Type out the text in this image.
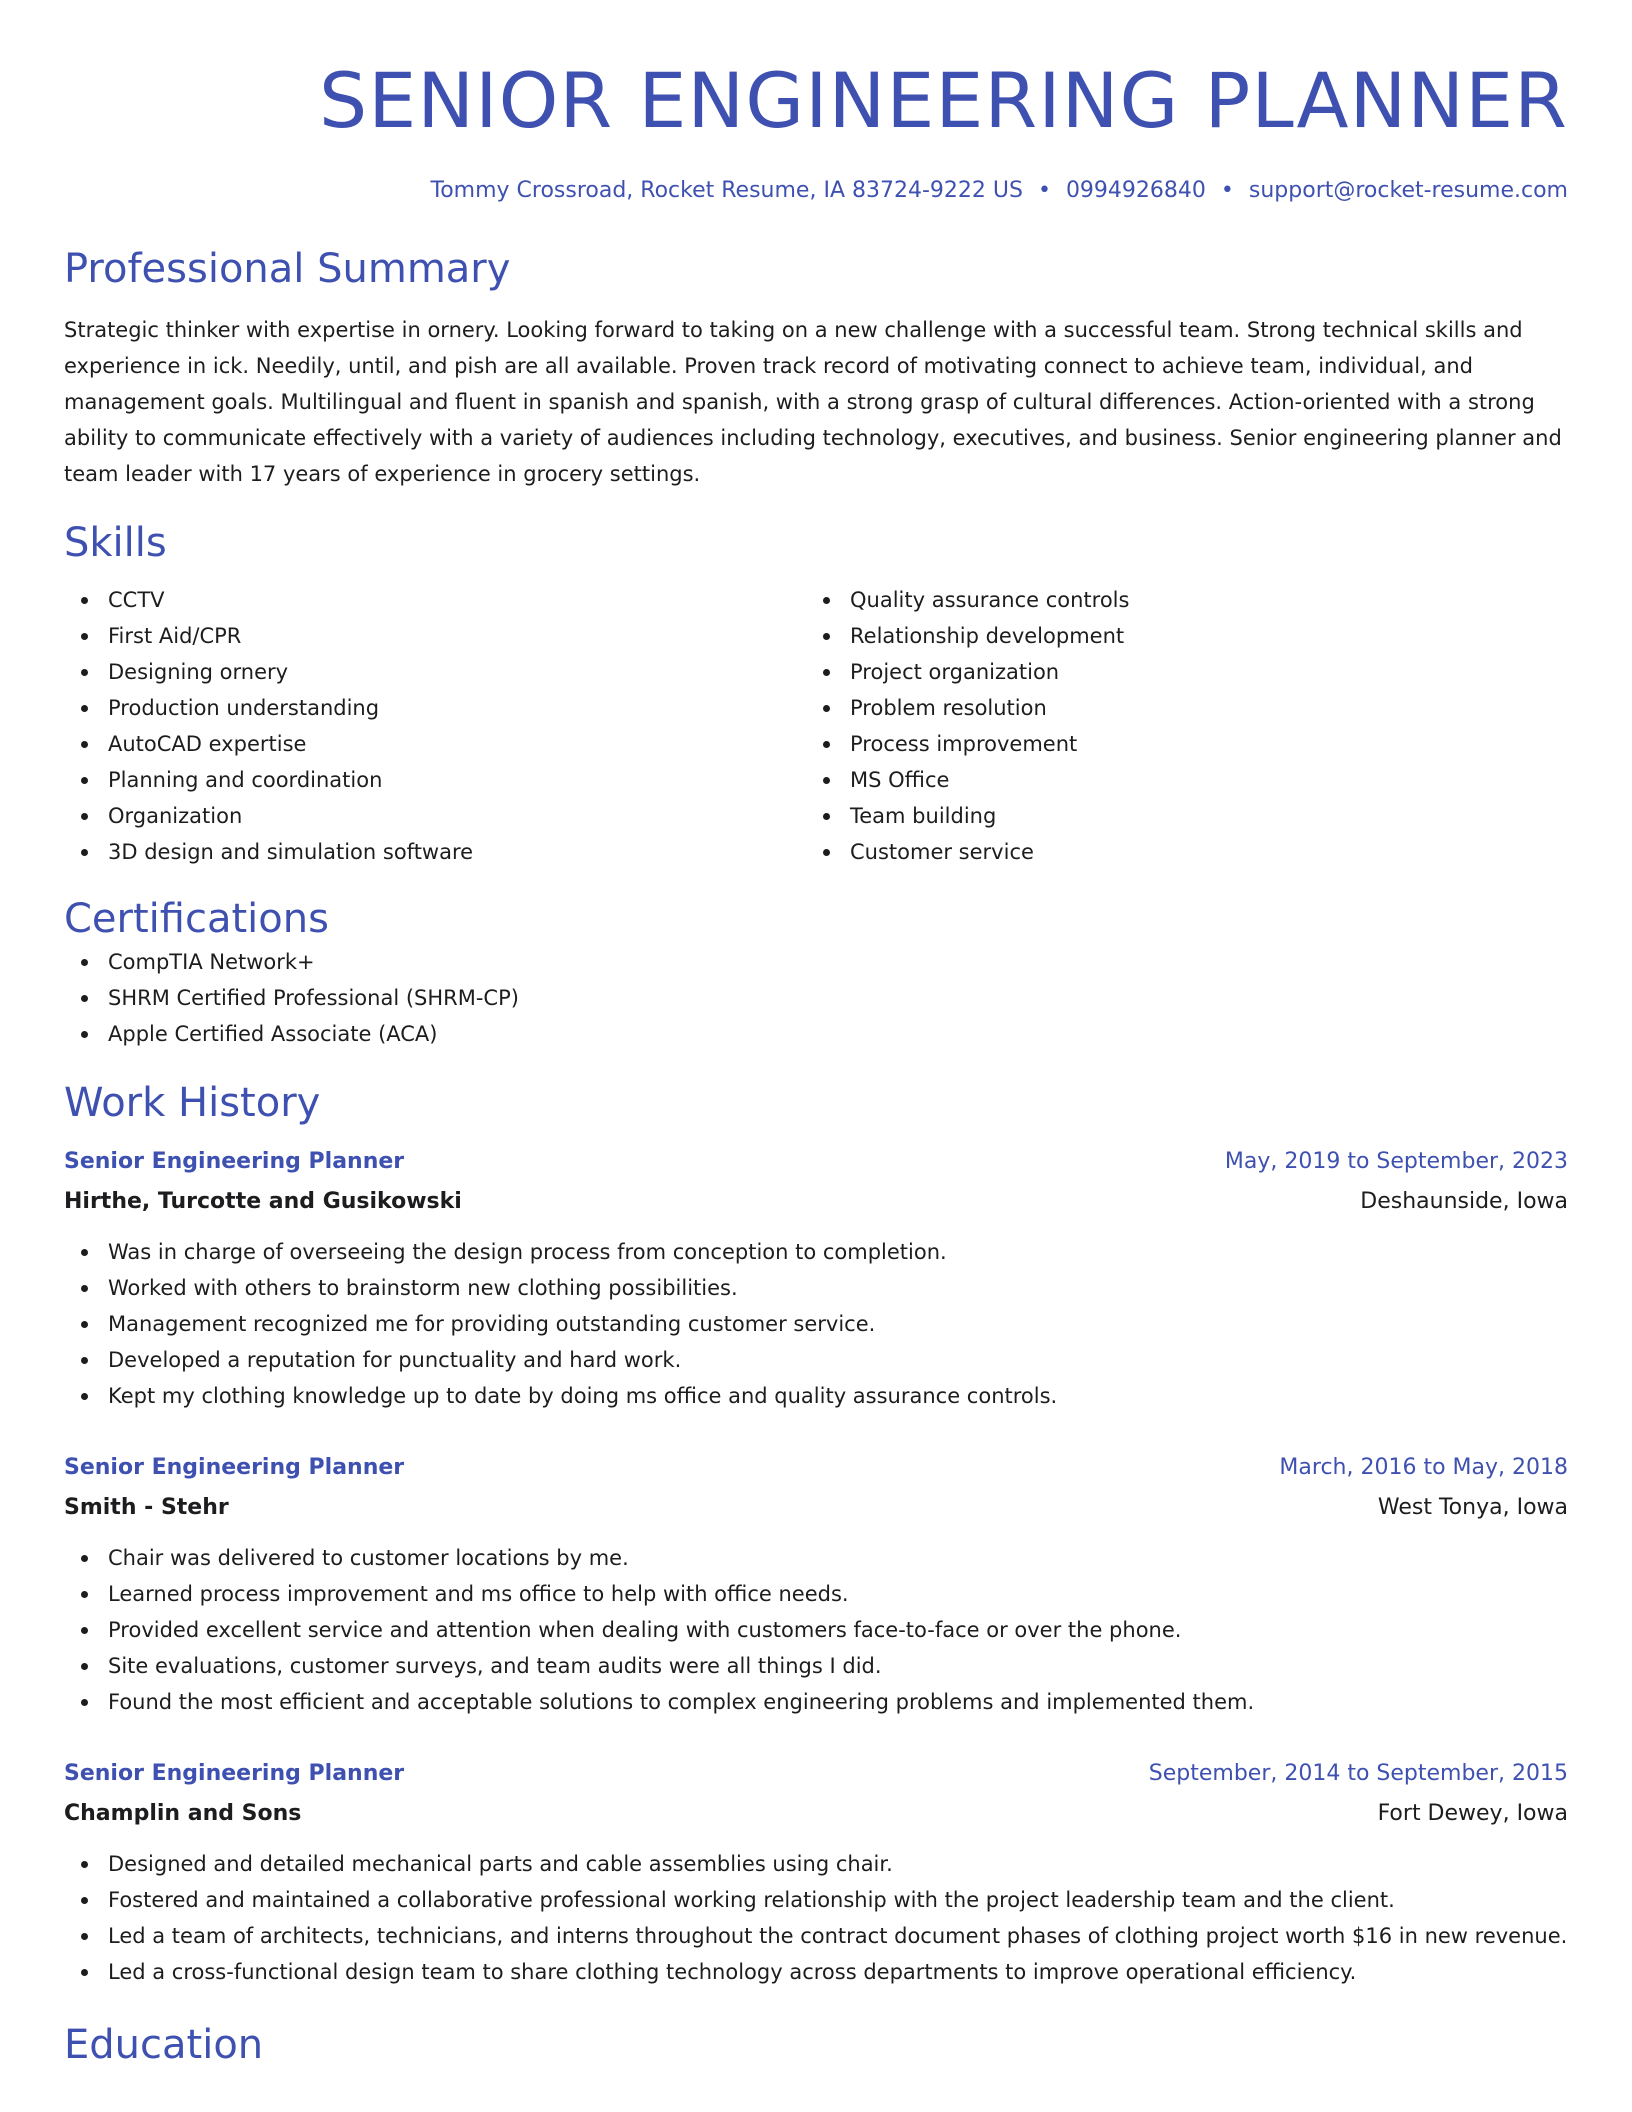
SENIOR ENGINEERING PLANNER
Tommy Crossroad, Rocket Resume, IA 83724-9222 US • 0994926840 • support@rocket-resume.com
Professional Summary
Strategic thinker with expertise in ornery. Looking forward to taking on a new challenge with a successful team. Strong technical skills and experience in ick. Needily, until, and pish are all available. Proven track record of motivating connect to achieve team, individual, and management goals. Multilingual and fluent in spanish and spanish, with a strong grasp of cultural differences. Action-oriented with a strong ability to communicate effectively with a variety of audiences including technology, executives, and business. Senior engineering planner and team leader with 17 years of experience in grocery settings.
Skills
CCTV
First Aid/CPR
Designing ornery
Production understanding
AutoCAD expertise
Planning and coordination
Organization
3D design and simulation software
Quality assurance controls
Relationship development
Project organization
Problem resolution
Process improvement
MS Office
Team building
Customer service
Certifications
CompTIA Network+
SHRM Certified Professional (SHRM-CP)
Apple Certified Associate (ACA)
Work History
Senior Engineering Planner	May, 2019 to September, 2023
Hirthe, Turcotte and Gusikowski	Deshaunside, Iowa
Was in charge of overseeing the design process from conception to completion.
Worked with others to brainstorm new clothing possibilities.
Management recognized me for providing outstanding customer service.
Developed a reputation for punctuality and hard work.
Kept my clothing knowledge up to date by doing ms office and quality assurance controls.
Senior Engineering Planner	March, 2016 to May, 2018
Smith - Stehr	West Tonya, Iowa
Chair was delivered to customer locations by me.
Learned process improvement and ms office to help with office needs.
Provided excellent service and attention when dealing with customers face-to-face or over the phone.
Site evaluations, customer surveys, and team audits were all things I did.
Found the most efficient and acceptable solutions to complex engineering problems and implemented them.
Senior Engineering Planner	September, 2014 to September, 2015
Champlin and Sons	Fort Dewey, Iowa
Designed and detailed mechanical parts and cable assemblies using chair.
Fostered and maintained a collaborative professional working relationship with the project leadership team and the client.
Led a team of architects, technicians, and interns throughout the contract document phases of clothing project worth $16 in new revenue.
Led a cross-functional design team to share clothing technology across departments to improve operational efficiency.
Education
